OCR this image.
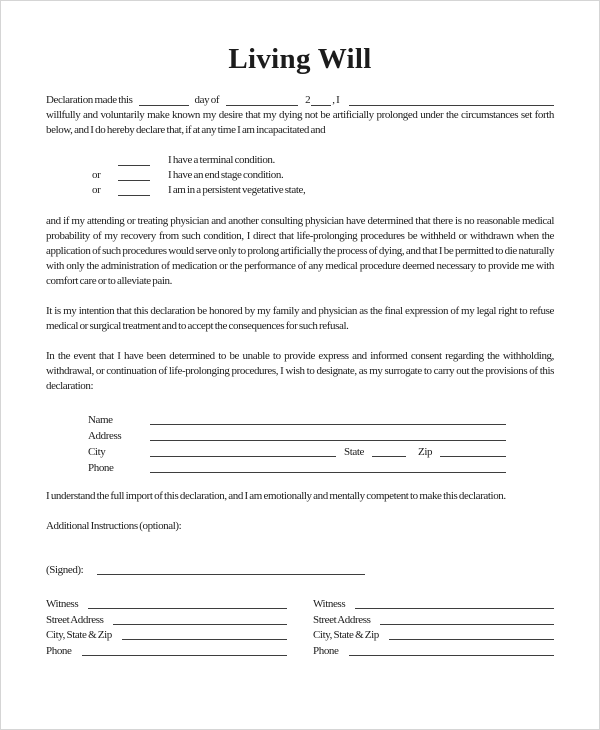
Living Will
Declaration made this	day of	2 , I

willfully and voluntarily make known my desire that my dying not be artificially prolonged under the circumstances set forth below, and I do hereby declare that, if at any time I am incapacitated and

I have a terminal condition.
or	I have an end stage condition.
or	I am in a persistent vegetative state,

and if my attending or treating physician and another consulting physician have determined that there is no reasonable medical probability of my recovery from such condition, I direct that life-prolonging procedures be withheld or withdrawn when the application of such procedures would serve only to prolong artificially the process of dying, and that I be permitted to die naturally with only the administration of medication or the performance of any medical procedure deemed necessary to provide me with comfort care or to alleviate pain.

It is my intention that this declaration be honored by my family and physician as the final expression of my legal right to refuse medical or surgical treatment and to accept the consequences for such refusal.

In the event that I have been determined to be unable to provide express and informed consent regarding the withholding, withdrawal, or continuation of life-prolonging procedures, I wish to designate, as my surrogate to carry out the provisions of this declaration:

Name
Address
City	State	Zip
Phone

I understand the full import of this declaration, and I am emotionally and mentally competent to make this declaration.

Additional Instructions (optional):

(Signed):
Witness
Street Address
City, State & Zip
Phone
Witness
Street Address
City, State & Zip
Phone
